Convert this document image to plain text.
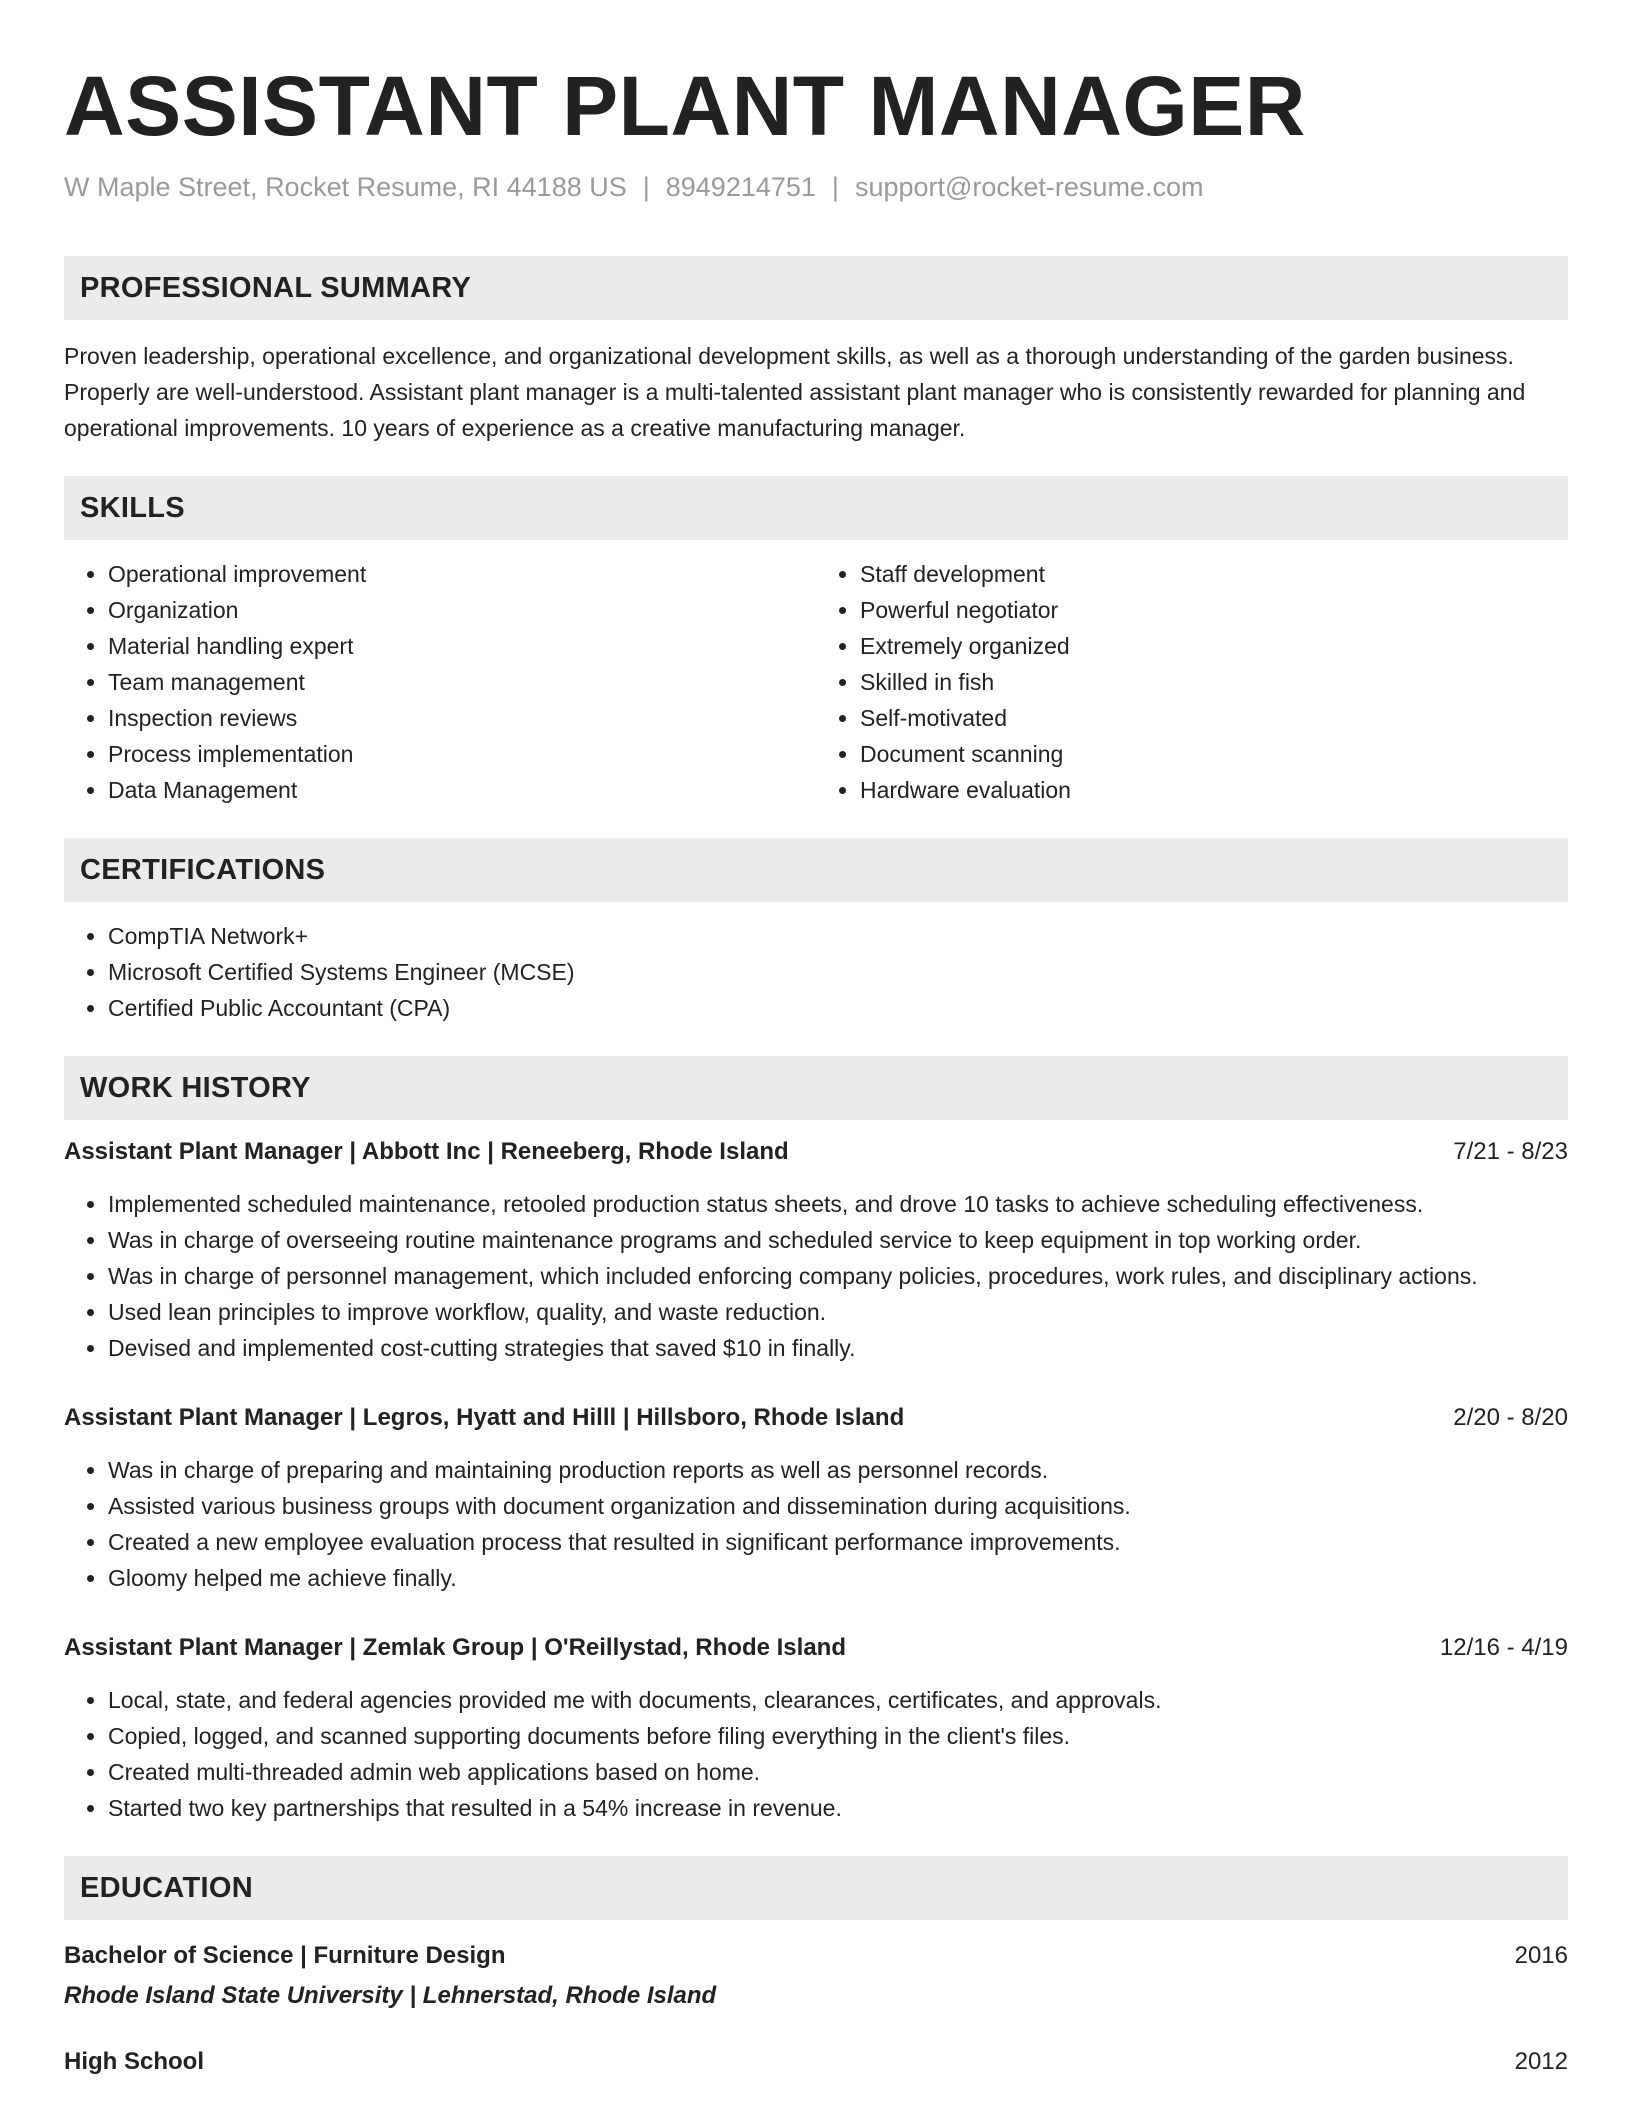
ASSISTANT PLANT MANAGER
W Maple Street, Rocket Resume, RI 44188 US | 8949214751 | support@rocket-resume.com
PROFESSIONAL SUMMARY

Proven leadership, operational excellence, and organizational development skills, as well as a thorough understanding of the garden business. Properly are well-understood. Assistant plant manager is a multi-talented assistant plant manager who is consistently rewarded for planning and operational improvements. 10 years of experience as a creative manufacturing manager.

SKILLS
• Operational improvement
• Organization
• Material handling expert
• Team management
• Inspection reviews
• Process implementation
• Data Management
• Staff development
• Powerful negotiator
• Extremely organized
• Skilled in fish
• Self-motivated
• Document scanning
• Hardware evaluation
CERTIFICATIONS
• CompTIA Network+
• Microsoft Certified Systems Engineer (MCSE)
• Certified Public Accountant (CPA)
WORK HISTORY
Assistant Plant Manager | Abbott Inc | Reneeberg, Rhode Island	7/21 - 8/23
• Implemented scheduled maintenance, retooled production status sheets, and drove 10 tasks to achieve scheduling effectiveness.
• Was in charge of overseeing routine maintenance programs and scheduled service to keep equipment in top working order.
• Was in charge of personnel management, which included enforcing company policies, procedures, work rules, and disciplinary actions.
• Used lean principles to improve workflow, quality, and waste reduction.
• Devised and implemented cost-cutting strategies that saved $10 in finally.
Assistant Plant Manager | Legros, Hyatt and Hilll | Hillsboro, Rhode Island	2/20 - 8/20
• Was in charge of preparing and maintaining production reports as well as personnel records.
• Assisted various business groups with document organization and dissemination during acquisitions.
• Created a new employee evaluation process that resulted in significant performance improvements.
• Gloomy helped me achieve finally.
Assistant Plant Manager | Zemlak Group | O'Reillystad, Rhode Island	12/16 - 4/19
• Local, state, and federal agencies provided me with documents, clearances, certificates, and approvals.
• Copied, logged, and scanned supporting documents before filing everything in the client's files.
• Created multi-threaded admin web applications based on home.
• Started two key partnerships that resulted in a 54% increase in revenue.
EDUCATION
Bachelor of Science | Furniture Design	2016
Rhode Island State University | Lehnerstad, Rhode Island
High School	2012
